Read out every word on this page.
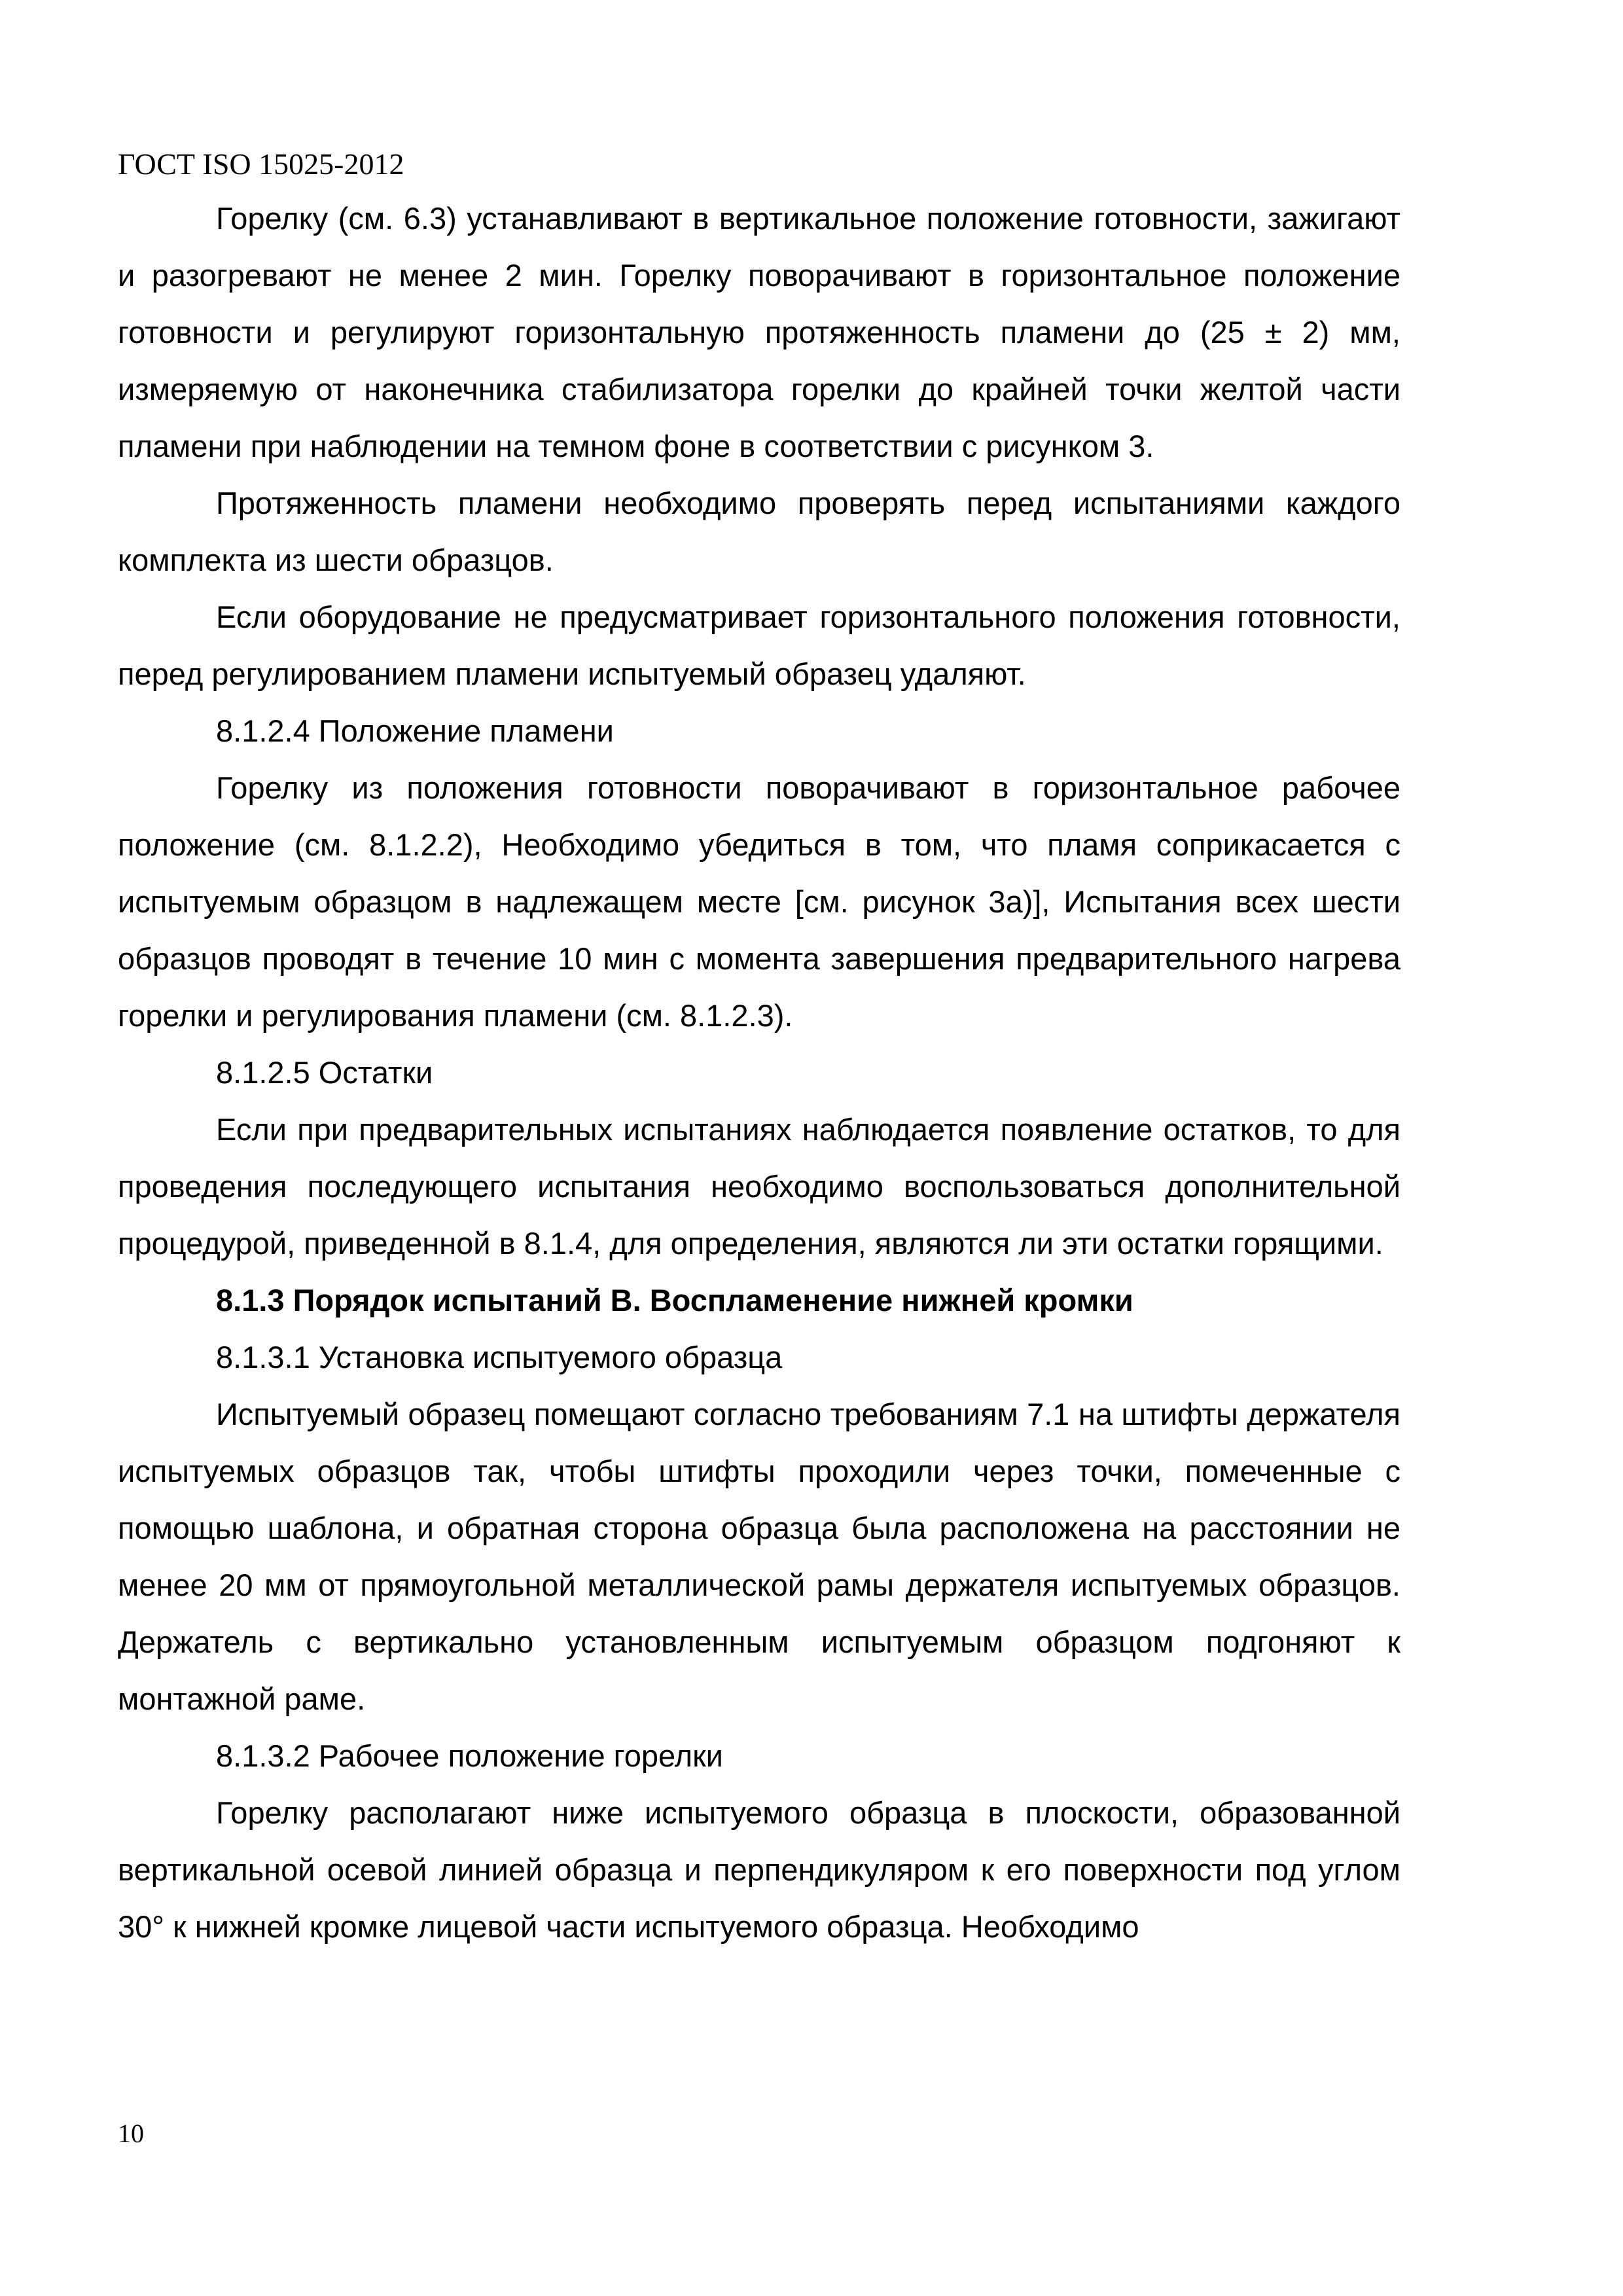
ГОСТ ISO 15025-2012

Горелку (см. 6.3) устанавливают в вертикальное положение готовности, зажигают и разогревают не менее 2 мин. Горелку поворачивают в горизонтальное положение готовности и регулируют горизонтальную протяженность пламени до (25 ± 2) мм, измеряемую от наконечника стабилизатора горелки до крайней точки желтой части пламени при наблюдении на темном фоне в соответствии с рисунком 3.

Протяженность пламени необходимо проверять перед испытаниями каждого комплекта из шести образцов.

Если оборудование не предусматривает горизонтального положения готовности, перед регулированием пламени испытуемый образец удаляют.

8.1.2.4 Положение пламени

Горелку из положения готовности поворачивают в горизонтальное рабочее положение (см. 8.1.2.2), Необходимо убедиться в том, что пламя соприкасается с испытуемым образцом в надлежащем месте [см. рисунок 3а)], Испытания всех шести образцов проводят в течение 10 мин с момента завершения предварительного нагрева горелки и регулирования пламени (см. 8.1.2.3).

8.1.2.5 Остатки

Если при предварительных испытаниях наблюдается появление остатков, то для проведения последующего испытания необходимо воспользоваться дополнительной процедурой, приведенной в 8.1.4, для определения, являются ли эти остатки горящими.

8.1.3 Порядок испытаний В. Воспламенение нижней кромки

8.1.3.1 Установка испытуемого образца

Испытуемый образец помещают согласно требованиям 7.1 на штифты держателя испытуемых образцов так, чтобы штифты проходили через точки, помеченные с помощью шаблона, и обратная сторона образца была расположена на расстоянии не менее 20 мм от прямоугольной металлической рамы держателя испытуемых образцов. Держатель с вертикально установленным испытуемым образцом подгоняют к монтажной раме.

8.1.3.2 Рабочее положение горелки

Горелку располагают ниже испытуемого образца в плоскости, образованной вертикальной осевой линией образца и перпендикуляром к его поверхности под углом 30° к нижней кромке лицевой части испытуемого образца. Необходимо

10
